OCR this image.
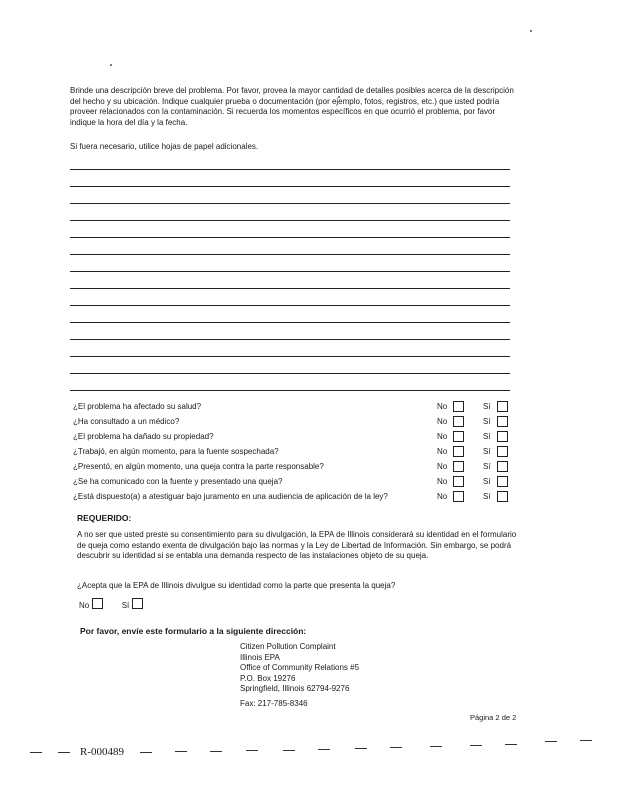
Brinde una descripción breve del problema. Por favor, provea la mayor cantidad de detalles posibles acerca de la descripción del hecho y su ubicación. Indique cualquier prueba o documentación (por ejemplo, fotos, registros, etc.) que usted podría proveer relacionados con la contaminación. Si recuerda los momentos específicos en que ocurrió el problema, por favor indique la hora del día y la fecha.
Si fuera necesario, utilice hojas de papel adicionales.
¿El problema ha afectado su salud?	No	Sí
¿Ha consultado a un médico?	No	Sí
¿El problema ha dañado su propiedad?	No	Sí
¿Trabajó, en algún momento, para la fuente sospechada?	No	Sí
¿Presentó, en algún momento, una queja contra la parte responsable?	No	Sí
¿Se ha comunicado con la fuente y presentado una queja?	No	Sí
¿Está dispuesto(a) a atestiguar bajo juramento en una audiencia de aplicación de la ley?	No	Sí
REQUERIDO:
A no ser que usted preste su consentimiento para su divulgación, la EPA de Illinois considerará su identidad en el formulario de queja como estando exenta de divulgación bajo las normas y la Ley de Libertad de Información. Sin embargo, se podrá descubrir su identidad si se entabla una demanda respecto de las instalaciones objeto de su queja.
¿Acepta que la EPA de Illinois divulgue su identidad como la parte que presenta la queja?
No	Sí
Por favor, envíe este formulario a la siguiente dirección:
Citizen Pollution Complaint
Illinois EPA
Office of Community Relations #5
P.O. Box 19276
Springfield, Illinois 62794-9276
Fax: 217-785-8346
Página 2 de 2
R-000489
